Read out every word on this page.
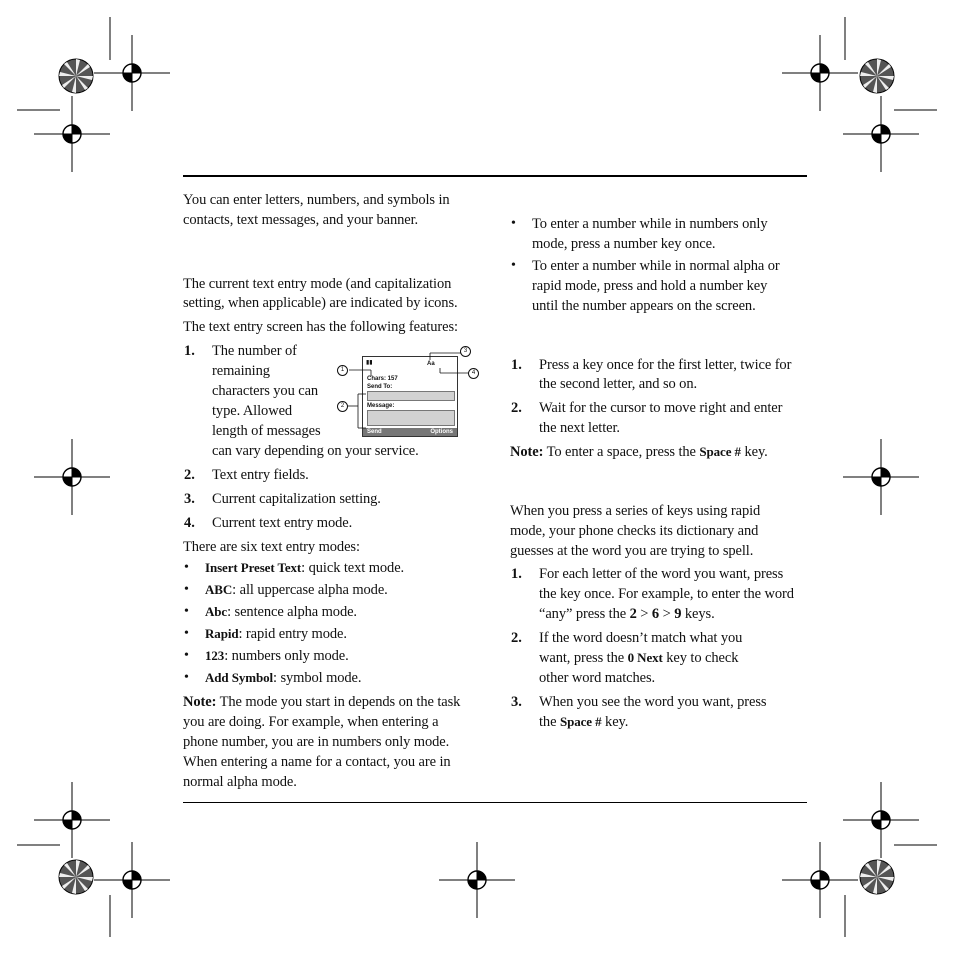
You can enter letters, numbers, and symbols in contacts, text messages, and your banner.
The current text entry mode (and capitalization
setting, when applicable) are indicated by icons.
The text entry screen has the following features:
1. The number of
remaining
characters you can
type. Allowed
length of messages
can vary depending on your service.
▮▮
Chars: 157
Send To:
Message:
Send	Options
Aa
1
2
3
4
2. Text entry fields.
3. Current capitalization setting.
4. Current text entry mode.
There are six text entry modes:
• Insert Preset Text: quick text mode.
• ABC: all uppercase alpha mode.
• Abc: sentence alpha mode.
• Rapid: rapid entry mode.
• 123: numbers only mode.
• Add Symbol: symbol mode.
Note: The mode you start in depends on the task
you are doing. For example, when entering a
phone number, you are in numbers only mode.
When entering a name for a contact, you are in
normal alpha mode.
• To enter a number while in numbers only
mode, press a number key once.
• To enter a number while in normal alpha or
rapid mode, press and hold a number key
until the number appears on the screen.
1. Press a key once for the first letter, twice for
the second letter, and so on.
2. Wait for the cursor to move right and enter
the next letter.
Note: To enter a space, press the Space # key.
When you press a series of keys using rapid
mode, your phone checks its dictionary and
guesses at the word you are trying to spell.
1. For each letter of the word you want, press
the key once. For example, to enter the word
“any” press the 2 > 6 > 9 keys.
2. If the word doesn’t match what you
want, press the 0 Next key to check
other word matches.
3. When you see the word you want, press
the Space # key.
